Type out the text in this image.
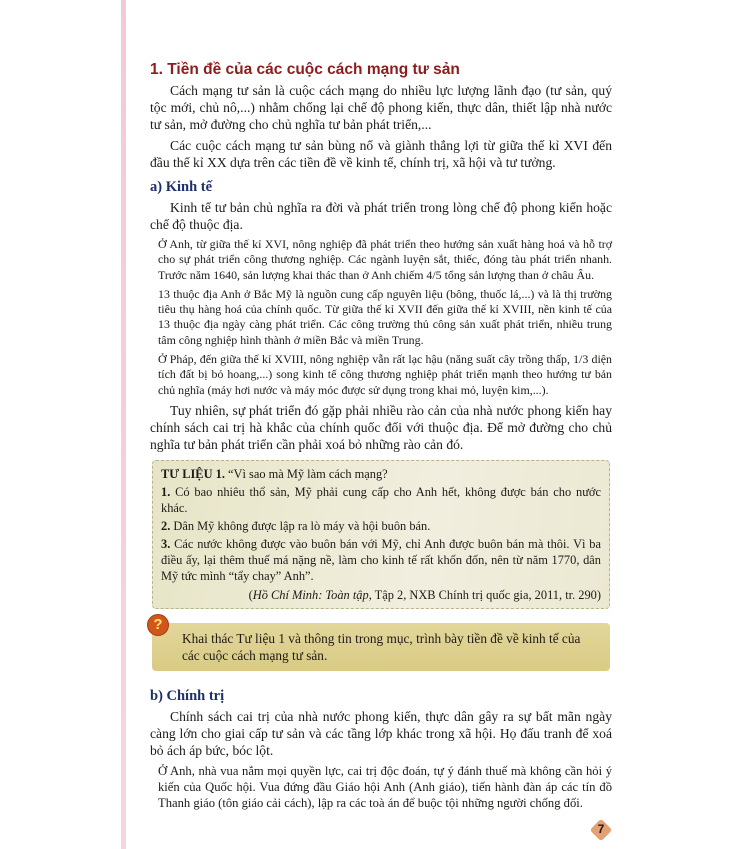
1. Tiền đề của các cuộc cách mạng tư sản

Cách mạng tư sản là cuộc cách mạng do nhiều lực lượng lãnh đạo (tư sản, quý tộc mới, chủ nô,...) nhằm chống lại chế độ phong kiến, thực dân, thiết lập nhà nước tư sản, mở đường cho chủ nghĩa tư bản phát triển,...

Các cuộc cách mạng tư sản bùng nổ và giành thắng lợi từ giữa thế kỉ XVI đến đầu thế kỉ XX dựa trên các tiền đề về kinh tế, chính trị, xã hội và tư tưởng.

a) Kinh tế

Kinh tế tư bản chủ nghĩa ra đời và phát triển trong lòng chế độ phong kiến hoặc chế độ thuộc địa.

Ở Anh, từ giữa thế kỉ XVI, nông nghiệp đã phát triển theo hướng sản xuất hàng hoá và hỗ trợ cho sự phát triển công thương nghiệp. Các ngành luyện sắt, thiếc, đóng tàu phát triển nhanh. Trước năm 1640, sản lượng khai thác than ở Anh chiếm 4/5 tổng sản lượng than ở châu Âu.

13 thuộc địa Anh ở Bắc Mỹ là nguồn cung cấp nguyên liệu (bông, thuốc lá,...) và là thị trường tiêu thụ hàng hoá của chính quốc. Từ giữa thế kỉ XVII đến giữa thế kỉ XVIII, nền kinh tế của 13 thuộc địa ngày càng phát triển. Các công trường thủ công sản xuất phát triển, nhiều trung tâm công nghiệp hình thành ở miền Bắc và miền Trung.

Ở Pháp, đến giữa thế kỉ XVIII, nông nghiệp vẫn rất lạc hậu (năng suất cây trồng thấp, 1/3 diện tích đất bị bỏ hoang,...) song kinh tế công thương nghiệp phát triển mạnh theo hướng tư bản chủ nghĩa (máy hơi nước và máy móc được sử dụng trong khai mỏ, luyện kim,...).

Tuy nhiên, sự phát triển đó gặp phải nhiều rào cản của nhà nước phong kiến hay chính sách cai trị hà khắc của chính quốc đối với thuộc địa. Để mở đường cho chủ nghĩa tư bản phát triển cần phải xoá bỏ những rào cản đó.

TƯ LIỆU 1. “Vì sao mà Mỹ làm cách mạng?
1. Có bao nhiêu thổ sản, Mỹ phải cung cấp cho Anh hết, không được bán cho nước khác.
2. Dân Mỹ không được lập ra lò máy và hội buôn bán.
3. Các nước không được vào buôn bán với Mỹ, chỉ Anh được buôn bán mà thôi. Vì ba điều ấy, lại thêm thuế má nặng nề, làm cho kinh tế rất khốn đốn, nên từ năm 1770, dân Mỹ tức mình “tẩy chay” Anh”.
(Hồ Chí Minh: Toàn tập, Tập 2, NXB Chính trị quốc gia, 2011, tr. 290)
?
Khai thác Tư liệu 1 và thông tin trong mục, trình bày tiền đề về kinh tế của các cuộc cách mạng tư sản.
b) Chính trị

Chính sách cai trị của nhà nước phong kiến, thực dân gây ra sự bất mãn ngày càng lớn cho giai cấp tư sản và các tầng lớp khác trong xã hội. Họ đấu tranh để xoá bỏ ách áp bức, bóc lột.

Ở Anh, nhà vua nắm mọi quyền lực, cai trị độc đoán, tự ý đánh thuế mà không cần hỏi ý kiến của Quốc hội. Vua đứng đầu Giáo hội Anh (Anh giáo), tiến hành đàn áp các tín đồ Thanh giáo (tôn giáo cải cách), lập ra các toà án để buộc tội những người chống đối.

7
